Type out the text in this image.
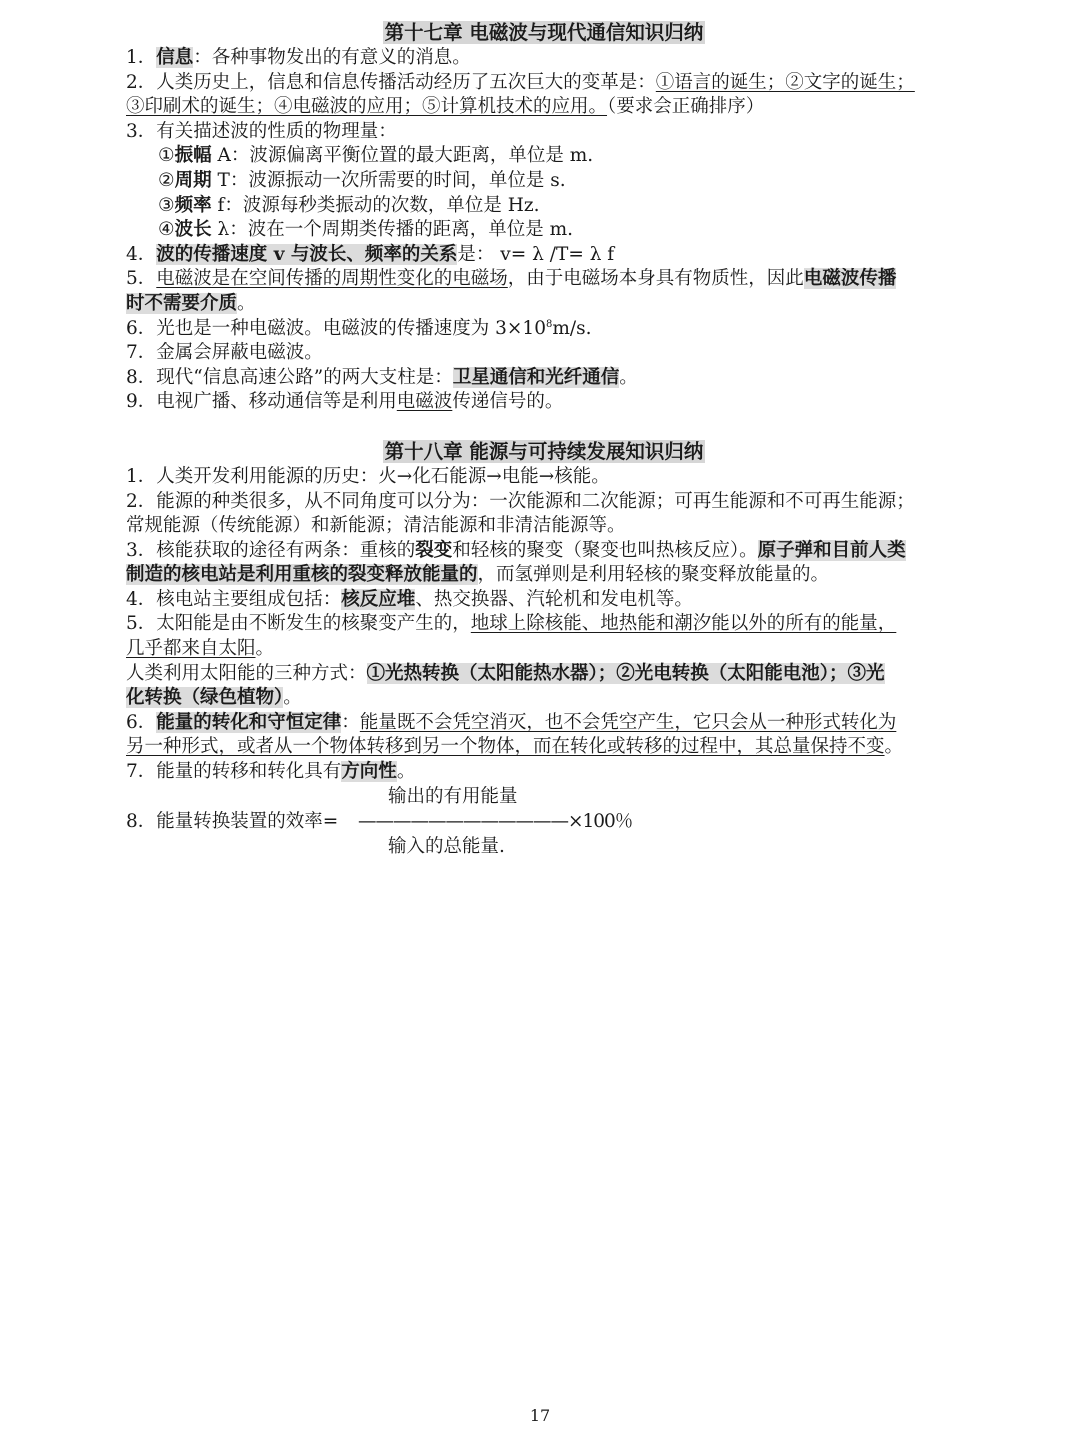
第十七章 电磁波与现代通信知识归纳
1．信息：各种事物发出的有意义的消息。
2．人类历史上，信息和信息传播活动经历了五次巨大的变革是：①语言的诞生；②文字的诞生；
③印刷术的诞生；④电磁波的应用；⑤计算机技术的应用。（要求会正确排序）
3．有关描述波的性质的物理量：
①振幅 A：波源偏离平衡位置的最大距离，单位是 m.
②周期 T：波源振动一次所需要的时间，单位是 s.
③频率 f：波源每秒类振动的次数，单位是 Hz.
④波长 λ：波在一个周期类传播的距离，单位是 m.
4．波的传播速度 v 与波长、频率的关系是： v= λ /T= λ f
5．电磁波是在空间传播的周期性变化的电磁场，由于电磁场本身具有物质性，因此电磁波传播
时不需要介质。
6．光也是一种电磁波。电磁波的传播速度为 $3\times 10^8m/s$.
7．金属会屏蔽电磁波。
8．现代“信息高速公路”的两大支柱是：卫星通信和光纤通信。
9．电视广播、移动通信等是利用电磁波传递信号的。
第十八章 能源与可持续发展知识归纳
1．人类开发利用能源的历史：火→化石能源→电能→核能。
2．能源的种类很多，从不同角度可以分为：一次能源和二次能源；可再生能源和不可再生能源；
常规能源（传统能源）和新能源；清洁能源和非清洁能源等。
3．核能获取的途径有两条：重核的裂变和轻核的聚变（聚变也叫热核反应）。原子弹和目前人类
制造的核电站是利用重核的裂变释放能量的，而氢弹则是利用轻核的聚变释放能量的。
4．核电站主要组成包括：核反应堆、热交换器、汽轮机和发电机等。
5．太阳能是由不断发生的核聚变产生的，地球上除核能、地热能和潮汐能以外的所有的能量，
几乎都来自太阳。
人类利用太阳能的三种方式：①光热转换（太阳能热水器）；②光电转换（太阳能电池）；③光
化转换（绿色植物）。
6．能量的转化和守恒定律：能量既不会凭空消灭，也不会凭空产生，它只会从一种形式转化为
另一种形式，或者从一个物体转移到另一个物体，而在转化或转移的过程中，其总量保持不变。
7．能量的转移和转化具有方向性。
输出的有用能量
8．能量转换装置的效率= ————————————×100％
输入的总能量.
17
